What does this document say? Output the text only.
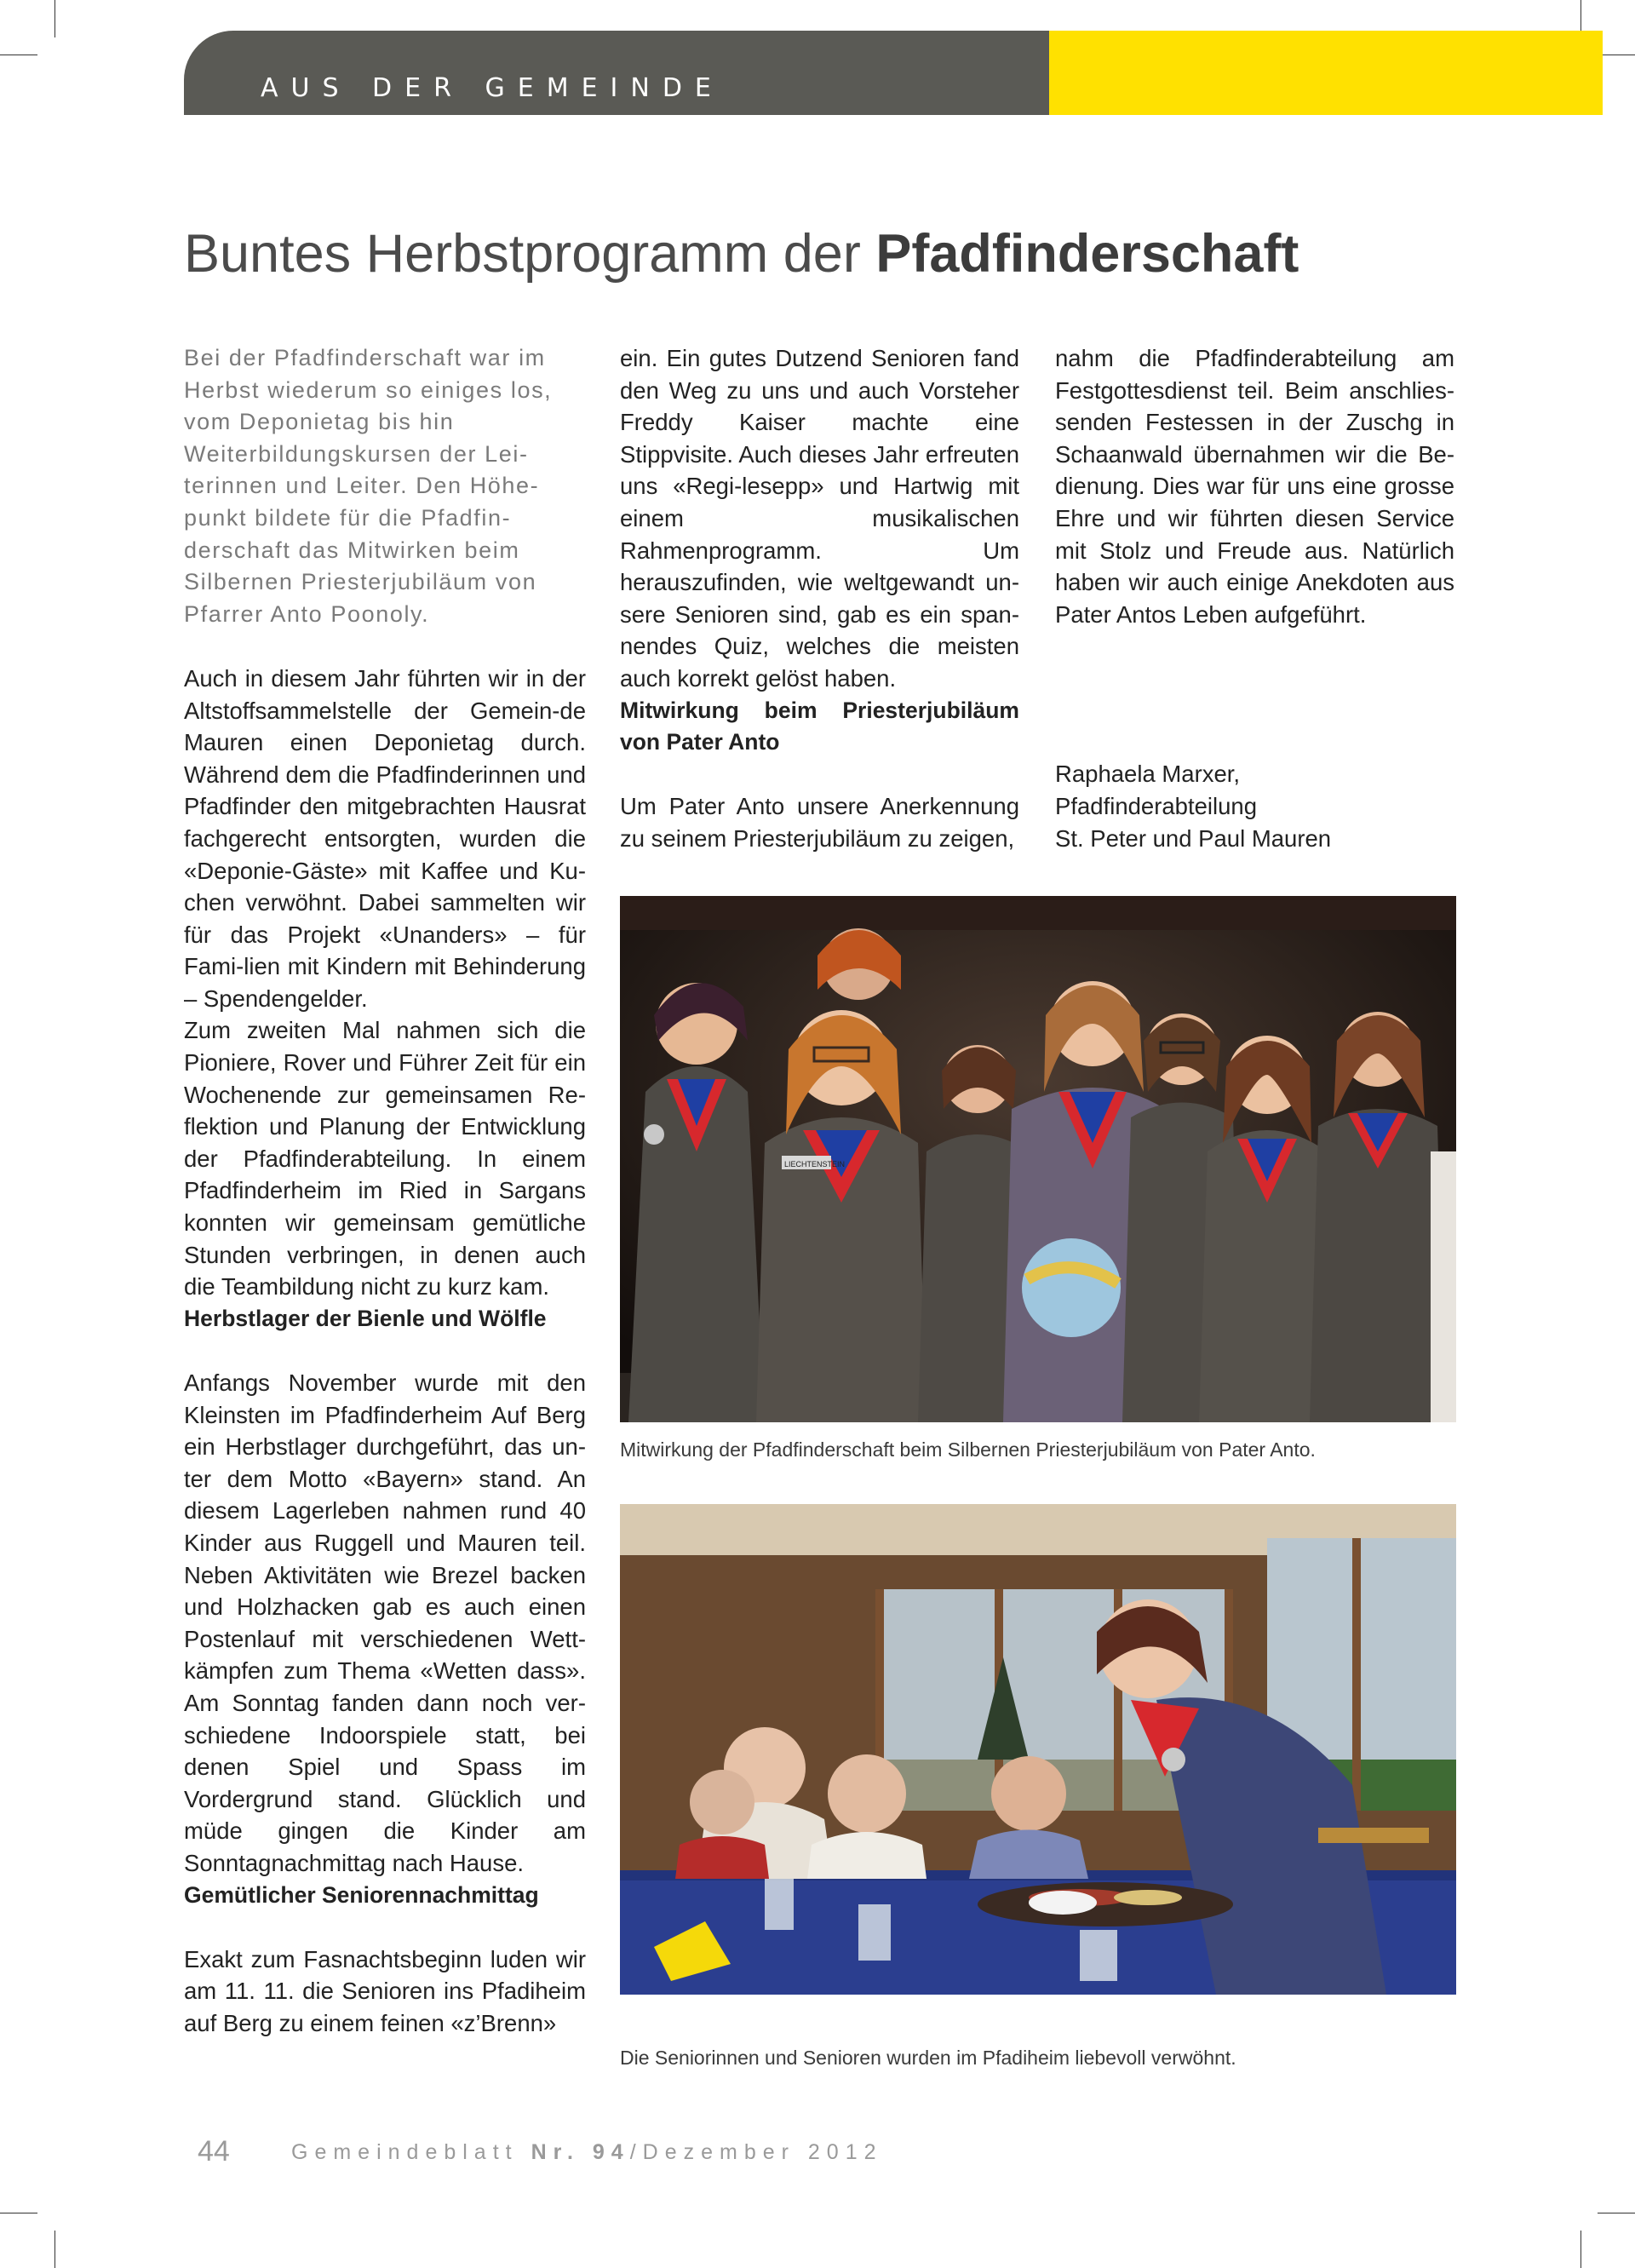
AUS DER GEMEINDE

Buntes Herbstprogramm der Pfadfinderschaft

Bei der Pfadfinderschaft war im Herbst wiederum so einiges los, vom Deponietag bis hin Weiterbildungskursen der Lei-terinnen und Leiter. Den Höhe-punkt bildete für die Pfadfin-derschaft das Mitwirken beim Silbernen Priesterjubiläum von Pfarrer Anto Poonoly.

Auch in diesem Jahr führten wir in der Altstoffsammelstelle der Gemein-de Mauren einen Deponietag durch. Während dem die Pfadfinderinnen und Pfadfinder den mitgebrachten Hausrat fachgerecht entsorgten, wurden die «Deponie-Gäste» mit Kaffee und Ku-chen verwöhnt. Dabei sammelten wir für das Projekt «Unanders» – für Fami-lien mit Kindern mit Behinderung – Spendengelder.

Zum zweiten Mal nahmen sich die Pioniere, Rover und Führer Zeit für ein Wochenende zur gemeinsamen Re-flektion und Planung der Entwicklung der Pfadfinderabteilung. In einem Pfadfinderheim im Ried in Sargans konnten wir gemeinsam gemütliche Stunden verbringen, in denen auch die Teambildung nicht zu kurz kam.

Herbstlager der Bienle und Wölfle

Anfangs November wurde mit den Kleinsten im Pfadfinderheim Auf Berg ein Herbstlager durchgeführt, das un-ter dem Motto «Bayern» stand. An diesem Lagerleben nahmen rund 40 Kinder aus Ruggell und Mauren teil. Neben Aktivitäten wie Brezel backen und Holzhacken gab es auch einen Postenlauf mit verschiedenen Wett-kämpfen zum Thema «Wetten dass». Am Sonntag fanden dann noch ver-schiedene Indoorspiele statt, bei denen Spiel und Spass im Vordergrund stand. Glücklich und müde gingen die Kinder am Sonntagnachmittag nach Hause.

Gemütlicher Seniorennachmittag

Exakt zum Fasnachtsbeginn luden wir am 11. 11. die Senioren ins Pfadiheim auf Berg zu einem feinen «z’Brenn»

ein. Ein gutes Dutzend Senioren fand den Weg zu uns und auch Vorsteher Freddy Kaiser machte eine Stippvisite. Auch dieses Jahr erfreuten uns «Regi-lesepp» und Hartwig mit einem musikalischen Rahmenprogramm. Um herauszufinden, wie weltgewandt un-sere Senioren sind, gab es ein span-nendes Quiz, welches die meisten auch korrekt gelöst haben.

Mitwirkung beim Priesterjubiläum von Pater Anto

Um Pater Anto unsere Anerkennung zu seinem Priesterjubiläum zu zeigen,

nahm die Pfadfinderabteilung am Festgottesdienst teil. Beim anschlies-senden Festessen in der Zuschg in Schaanwald übernahmen wir die Be-dienung. Dies war für uns eine grosse Ehre und wir führten diesen Service mit Stolz und Freude aus. Natürlich haben wir auch einige Anekdoten aus Pater Antos Leben aufgeführt.

Raphaela Marxer,
Pfadfinderabteilung
St. Peter und Paul Mauren

LIECHTENSTEIN

Mitwirkung der Pfadfinderschaft beim Silbernen Priesterjubiläum von Pater Anto.

Die Seniorinnen und Senioren wurden im Pfadiheim liebevoll verwöhnt.

44	Gemeindeblatt Nr. 94/Dezember 2012
